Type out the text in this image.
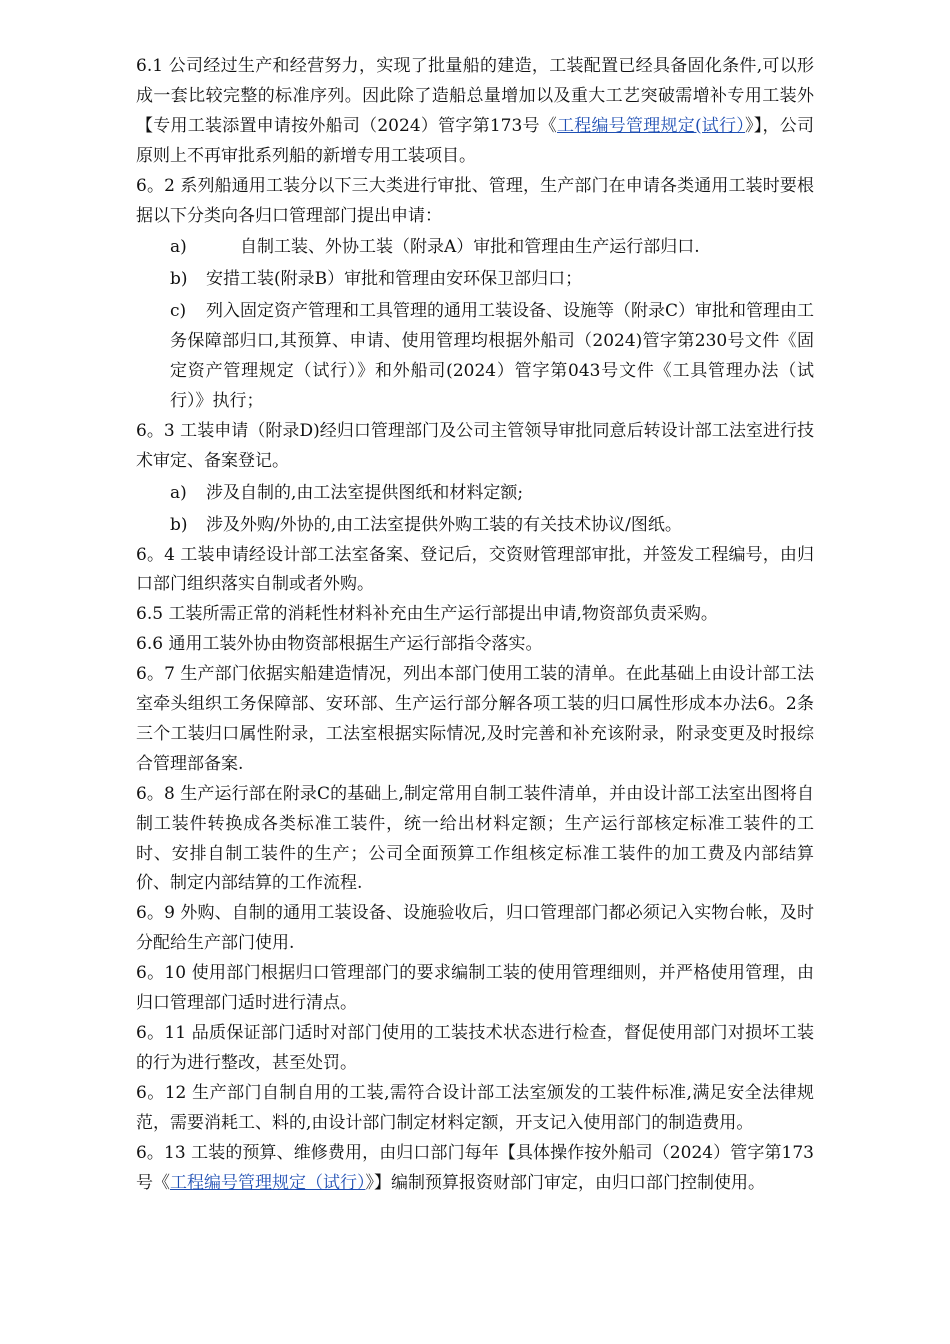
6.1 公司经过生产和经营努力，实现了批量船的建造，工装配置已经具备固化条件,可以形成一套比较完整的标准序列。因此除了造船总量增加以及重大工艺突破需增补专用工装外【专用工装添置申请按外船司（2024）管字第173号《工程编号管理规定(试行）》】，公司原则上不再审批系列船的新增专用工装项目。

6。2 系列船通用工装分以下三大类进行审批、管理，生产部门在申请各类通用工装时要根据以下分类向各归口管理部门提出申请：

a)	自制工装、外协工装（附录A）审批和管理由生产运行部归口.

b) 安措工装(附录B）审批和管理由安环保卫部归口；

c) 列入固定资产管理和工具管理的通用工装设备、设施等（附录C）审批和管理由工务保障部归口,其预算、申请、使用管理均根据外船司（2024)管字第230号文件《固定资产管理规定（试行）》和外船司(2024）管字第043号文件《工具管理办法（试行）》执行；

6。3 工装申请（附录D)经归口管理部门及公司主管领导审批同意后转设计部工法室进行技术审定、备案登记。

a) 涉及自制的,由工法室提供图纸和材料定额;

b) 涉及外购/外协的,由工法室提供外购工装的有关技术协议/图纸。

6。4 工装申请经设计部工法室备案、登记后，交资财管理部审批，并签发工程编号，由归口部门组织落实自制或者外购。

6.5 工装所需正常的消耗性材料补充由生产运行部提出申请,物资部负责采购。

6.6 通用工装外协由物资部根据生产运行部指令落实。

6。7 生产部门依据实船建造情况，列出本部门使用工装的清单。在此基础上由设计部工法室牵头组织工务保障部、安环部、生产运行部分解各项工装的归口属性形成本办法6。2条三个工装归口属性附录，工法室根据实际情况,及时完善和补充该附录，附录变更及时报综合管理部备案.

6。8 生产运行部在附录C的基础上,制定常用自制工装件清单，并由设计部工法室出图将自制工装件转换成各类标准工装件，统一给出材料定额；生产运行部核定标准工装件的工时、安排自制工装件的生产；公司全面预算工作组核定标准工装件的加工费及内部结算价、制定内部结算的工作流程.

6。9 外购、自制的通用工装设备、设施验收后，归口管理部门都必须记入实物台帐，及时分配给生产部门使用.

6。10 使用部门根据归口管理部门的要求编制工装的使用管理细则，并严格使用管理，由归口管理部门适时进行清点。

6。11 品质保证部门适时对部门使用的工装技术状态进行检查，督促使用部门对损坏工装的行为进行整改，甚至处罚。

6。12 生产部门自制自用的工装,需符合设计部工法室颁发的工装件标准,满足安全法律规范，需要消耗工、料的,由设计部门制定材料定额，开支记入使用部门的制造费用。

6。13 工装的预算、维修费用，由归口部门每年【具体操作按外船司（2024）管字第173号《工程编号管理规定（试行）》】编制预算报资财部门审定，由归口部门控制使用。
